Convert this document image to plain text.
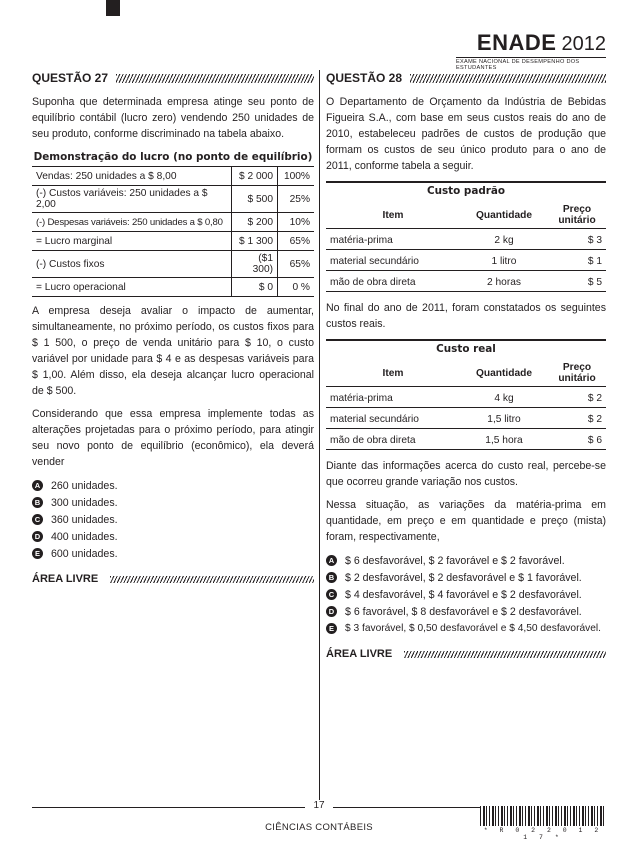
ENADE 2012
EXAME NACIONAL DE DESEMPENHO DOS ESTUDANTES
QUESTÃO 27

Suponha que determinada empresa atinge seu ponto de equilíbrio contábil (lucro zero) vendendo 250 unidades de seu produto, conforme discriminado na tabela abaixo.

Demonstração do lucro (no ponto de equilíbrio)
Vendas: 250 unidades a $ 8,00	$ 2 000	100%
(-) Custos variáveis: 250 unidades a $ 2,00	$ 500	25%
(-) Despesas variáveis: 250 unidades a $ 0,80	$ 200	10%
= Lucro marginal	$ 1 300	65%
(-) Custos fixos	($1 300)	65%
= Lucro operacional	$ 0	0 %

A empresa deseja avaliar o impacto de aumentar, simultaneamente, no próximo período, os custos fixos para $ 1 500, o preço de venda unitário para $ 10, o custo variável por unidade para $ 4 e as despesas variáveis para $ 1,00. Além disso, ela deseja alcançar lucro operacional de $ 500.

Considerando que essa empresa implemente todas as alterações projetadas para o próximo período, para atingir seu novo ponto de equilíbrio (econômico), ela deverá vender

A 260 unidades.
B 300 unidades.
C 360 unidades.
D 400 unidades.
E 600 unidades.
ÁREA LIVRE
QUESTÃO 28

O Departamento de Orçamento da Indústria de Bebidas Figueira S.A., com base em seus custos reais do ano de 2010, estabeleceu padrões de custos de produção que formam os custos de seu único produto para o ano de 2011, conforme tabela a seguir.

Custo padrão
Item	Quantidade	Preço unitário
matéria-prima	2 kg	$ 3
material secundário	1 litro	$ 1
mão de obra direta	2 horas	$ 5

No final do ano de 2011, foram constatados os seguintes custos reais.

Custo real
Item	Quantidade	Preço unitário
matéria-prima	4 kg	$ 2
material secundário	1,5 litro	$ 2
mão de obra direta	1,5 hora	$ 6

Diante das informações acerca do custo real, percebe-se que ocorreu grande variação nos custos.

Nessa situação, as variações da matéria-prima em quantidade, em preço e em quantidade e preço (mista) foram, respectivamente,

A $ 6 desfavorável, $ 2 favorável e $ 2 favorável.
B $ 2 desfavorável, $ 2 desfavorável e $ 1 favorável.
C $ 4 desfavorável, $ 4 favorável e $ 2 desfavorável.
D $ 6 favorável, $ 8 desfavorável e $ 2 desfavorável.
E $ 3 favorável, $ 0,50 desfavorável e $ 4,50 desfavorável.
ÁREA LIVRE
17
CIÊNCIAS CONTÁBEIS	* R 0 2 2 0 1 2 1 7 *
